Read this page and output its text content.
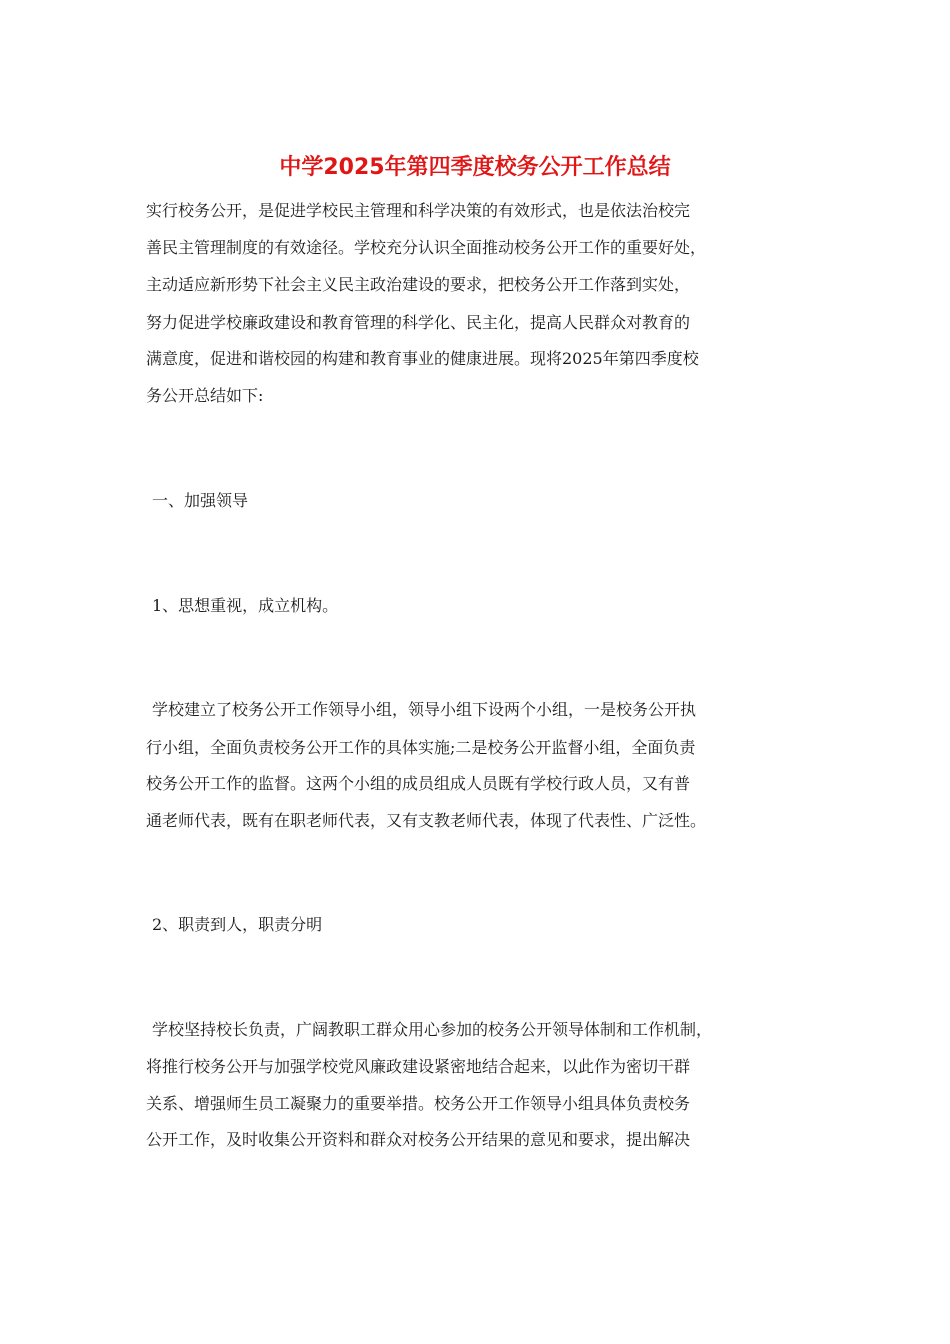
中学2025年第四季度校务公开工作总结

实行校务公开，是促进学校民主管理和科学决策的有效形式，也是依法治校完

善民主管理制度的有效途径。学校充分认识全面推动校务公开工作的重要好处，

主动适应新形势下社会主义民主政治建设的要求，把校务公开工作落到实处，

努力促进学校廉政建设和教育管理的科学化、民主化，提高人民群众对教育的

满意度，促进和谐校园的构建和教育事业的健康进展。现将2025年第四季度校

务公开总结如下:

一、加强领导

1、思想重视，成立机构。

学校建立了校务公开工作领导小组，领导小组下设两个小组，一是校务公开执

行小组，全面负责校务公开工作的具体实施;二是校务公开监督小组，全面负责

校务公开工作的监督。这两个小组的成员组成人员既有学校行政人员，又有普

通老师代表，既有在职老师代表，又有支教老师代表，体现了代表性、广泛性。

2、职责到人，职责分明

学校坚持校长负责，广阔教职工群众用心参加的校务公开领导体制和工作机制，

将推行校务公开与加强学校党风廉政建设紧密地结合起来，以此作为密切干群

关系、增强师生员工凝聚力的重要举措。校务公开工作领导小组具体负责校务

公开工作，及时收集公开资料和群众对校务公开结果的意见和要求，提出解决
